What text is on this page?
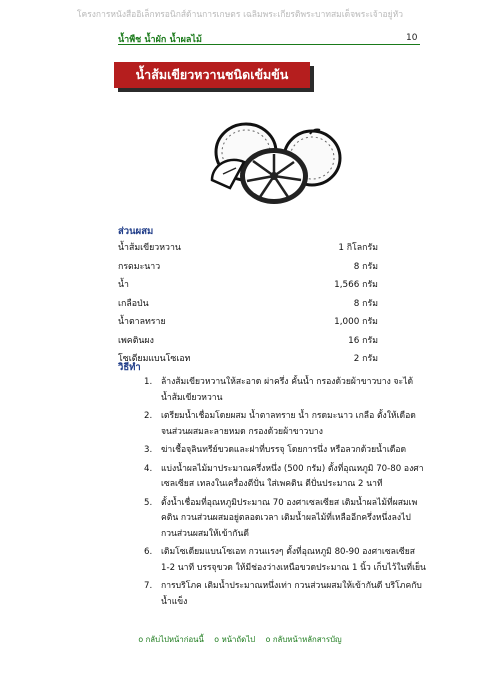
โครงการหนังสืออิเล็กทรอนิกส์ด้านการเกษตร เฉลิมพระเกียรติพระบาทสมเด็จพระเจ้าอยู่หัว
น้ำพืช น้ำผัก น้ำผลไม้	10
น้ำส้มเขียวหวานชนิดเข้มข้น
ส่วนผสม
น้ำส้มเขียวหวาน	1 กิโลกรัม
กรดมะนาว	8 กรัม
น้ำ	1,566 กรัม
เกลือป่น	8 กรัม
น้ำตาลทราย	1,000 กรัม
เพคตินผง	16 กรัม
โซเดียมแบนโซเอท	2 กรัม
วิธีทำ
1. ล้างส้มเขียวหวานให้สะอาด ผ่าครึ่ง คั้นน้ำ กรองด้วยผ้าขาวบาง จะได้ น้ำส้มเขียวหวาน
2. เตรียมน้ำเชื่อมโดยผสม น้ำตาลทราย น้ำ กรดมะนาว เกลือ ตั้งให้เดือด จนส่วนผสมละลายหมด กรองด้วยผ้าขาวบาง
3. ฆ่าเชื้อจุลินทรีย์ขวดและฝาที่บรรจุ โดยการนึ่ง หรือลวกด้วยน้ำเดือด
4. แบ่งน้ำผลไม้มาประมาณครึ่งหนึ่ง (500 กรัม) ตั้งที่อุณหภูมิ 70-80 องศาเซลเซียส เทลงในเครื่องตีปั่น ใส่เพคติน ตีปั่นประมาณ 2 นาที
5. ตั้งน้ำเชื่อมที่อุณหภูมิประมาณ 70 องศาเซลเซียส เติมน้ำผลไม้ที่ผสมเพคติน กวนส่วนผสมอยู่ตลอดเวลา เติมน้ำผลไม้ที่เหลืออีกครึ่งหนึ่งลงไป กวนส่วนผสมให้เข้ากันดี
6. เติมโซเดียมแบนโซเอท กวนแรงๆ ตั้งที่อุณหภูมิ 80-90 องศาเซลเซียส 1-2 นาที บรรจุขวด ให้มีช่องว่างเหนือขวดประมาณ 1 นิ้ว เก็บไว้ในที่เย็น
7. การบริโภค เติมน้ำประมาณหนึ่งเท่า กวนส่วนผสมให้เข้ากันดี บริโภคกับน้ำแข็ง
o กลับไปหน้าก่อนนี้ o หน้าถัดไป o กลับหน้าหลักสารบัญ
